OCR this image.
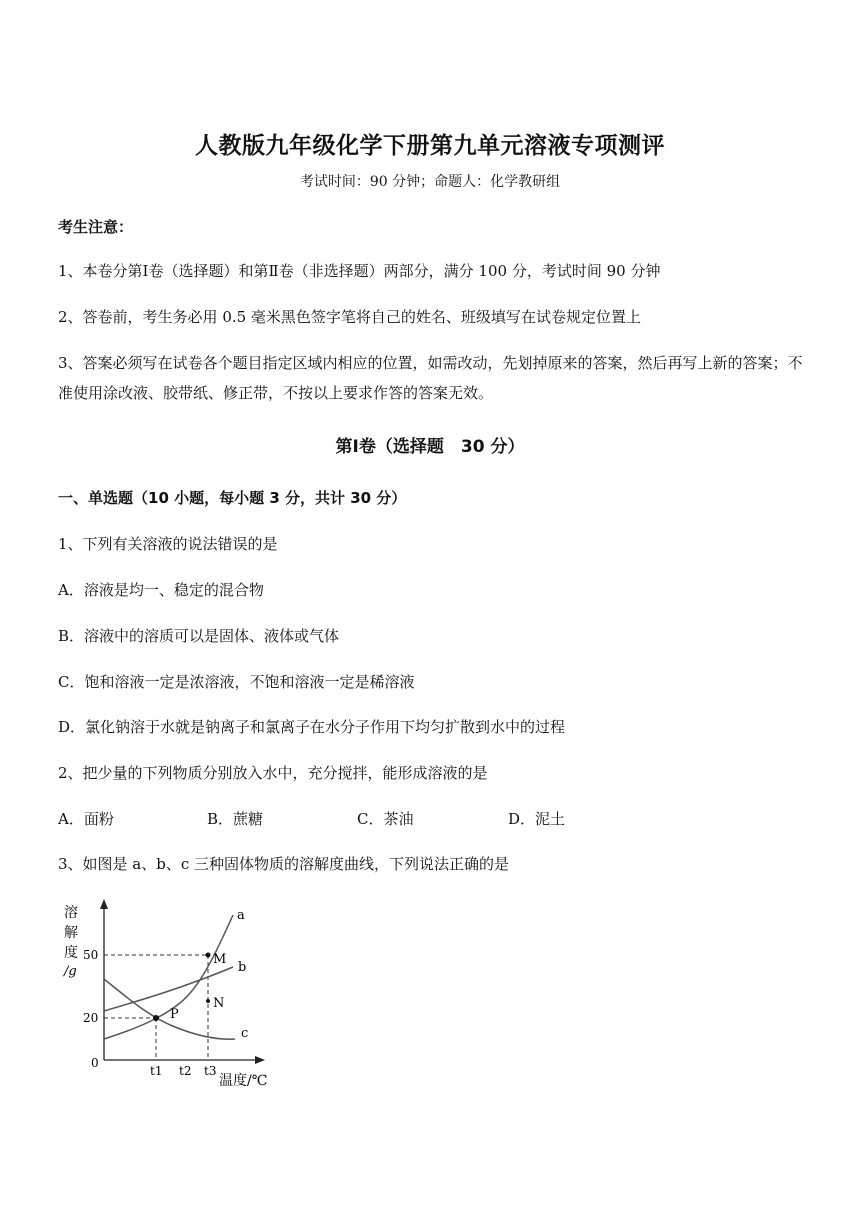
人教版九年级化学下册第九单元溶液专项测评
考试时间：90 分钟；命题人：化学教研组
考生注意：
1、本卷分第Ⅰ卷（选择题）和第Ⅱ卷（非选择题）两部分，满分 100 分，考试时间 90 分钟
2、答卷前，考生务必用 0.5 毫米黑色签字笔将自己的姓名、班级填写在试卷规定位置上
3、答案必须写在试卷各个题目指定区域内相应的位置，如需改动，先划掉原来的答案，然后再写上新的答案；不准使用涂改液、胶带纸、修正带，不按以上要求作答的答案无效。
第Ⅰ卷（选择题　30 分）
一、单选题（10 小题，每小题 3 分，共计 30 分）
1、下列有关溶液的说法错误的是
A．溶液是均一、稳定的混合物
B．溶液中的溶质可以是固体、液体或气体
C．饱和溶液一定是浓溶液，不饱和溶液一定是稀溶液
D．氯化钠溶于水就是钠离子和氯离子在水分子作用下均匀扩散到水中的过程
2、把少量的下列物质分别放入水中，充分搅拌，能形成溶液的是
A．面粉	B．蔗糖	C．茶油	D．泥土
3、如图是 a、b、c 三种固体物质的溶解度曲线，下列说法正确的是
溶
解
度
/g
50
20
0
a
b
c
M
N
P
t1 t2 t3
温度/℃
